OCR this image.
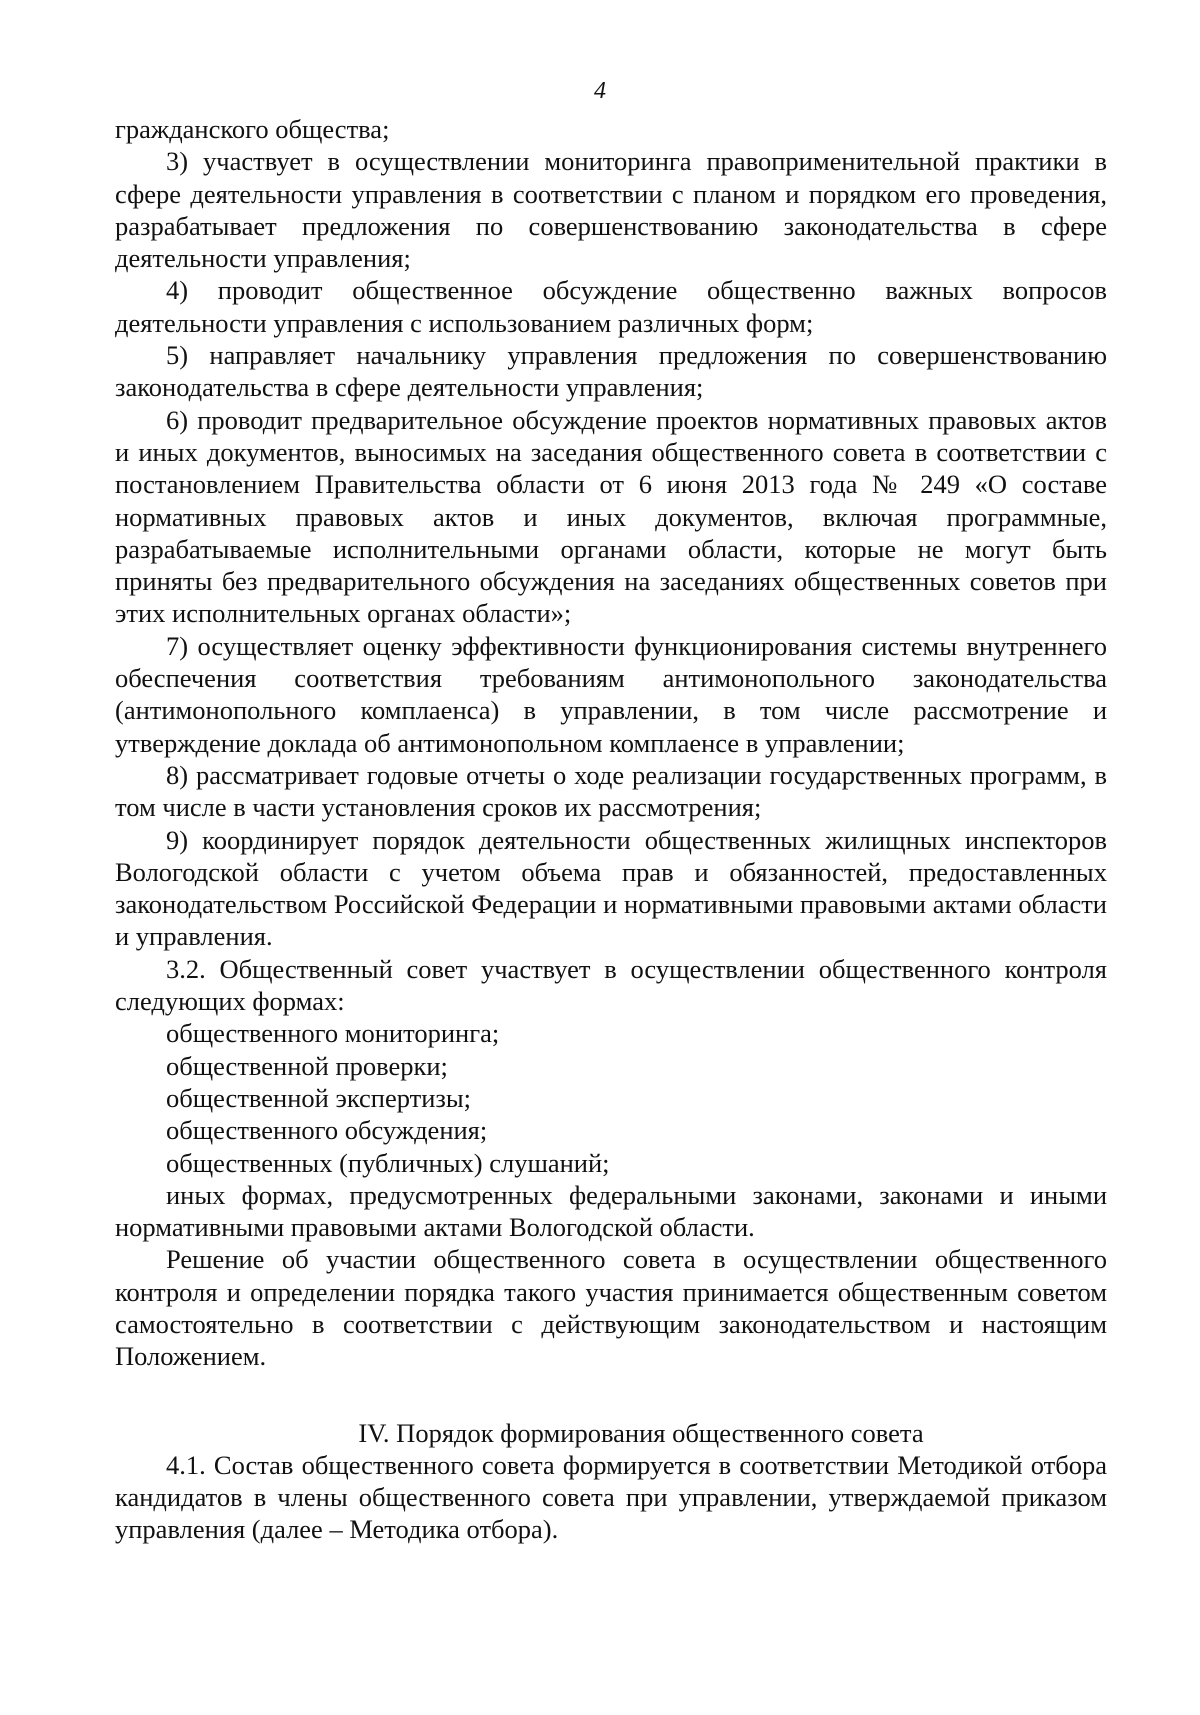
4

гражданского общества;

3) участвует в осуществлении мониторинга правоприменительной практики в сфере деятельности управления в соответствии с планом и порядком его проведения, разрабатывает предложения по совершенствованию законодательства в сфере деятельности управления;

4) проводит общественное обсуждение общественно важных вопросов деятельности управления с использованием различных форм;

5) направляет начальнику управления предложения по совершенствованию законодательства в сфере деятельности управления;

6) проводит предварительное обсуждение проектов нормативных правовых актов и иных документов, выносимых на заседания общественного совета в соответствии с постановлением Правительства области от 6 июня 2013 года № 249 «О составе нормативных правовых актов и иных документов, включая программные, разрабатываемые исполнительными органами области, которые не могут быть приняты без предварительного обсуждения на заседаниях общественных советов при этих исполнительных органах области»;

7) осуществляет оценку эффективности функционирования системы внутреннего обеспечения соответствия требованиям антимонопольного законодательства (антимонопольного комплаенса) в управлении, в том числе рассмотрение и утверждение доклада об антимонопольном комплаенсе в управлении;

8) рассматривает годовые отчеты о ходе реализации государственных программ, в том числе в части установления сроков их рассмотрения;

9) координирует порядок деятельности общественных жилищных инспекторов Вологодской области с учетом объема прав и обязанностей, предоставленных законодательством Российской Федерации и нормативными правовыми актами области и управления.

3.2. Общественный совет участвует в осуществлении общественного контроля следующих формах:

общественного мониторинга;

общественной проверки;

общественной экспертизы;

общественного обсуждения;

общественных (публичных) слушаний;

иных формах, предусмотренных федеральными законами, законами и иными нормативными правовыми актами Вологодской области.

Решение об участии общественного совета в осуществлении общественного контроля и определении порядка такого участия принимается общественным советом самостоятельно в соответствии с действующим законодательством и настоящим Положением.

IV. Порядок формирования общественного совета

4.1. Состав общественного совета формируется в соответствии Методикой отбора кандидатов в члены общественного совета при управлении, утверждаемой приказом управления (далее – Методика отбора).
